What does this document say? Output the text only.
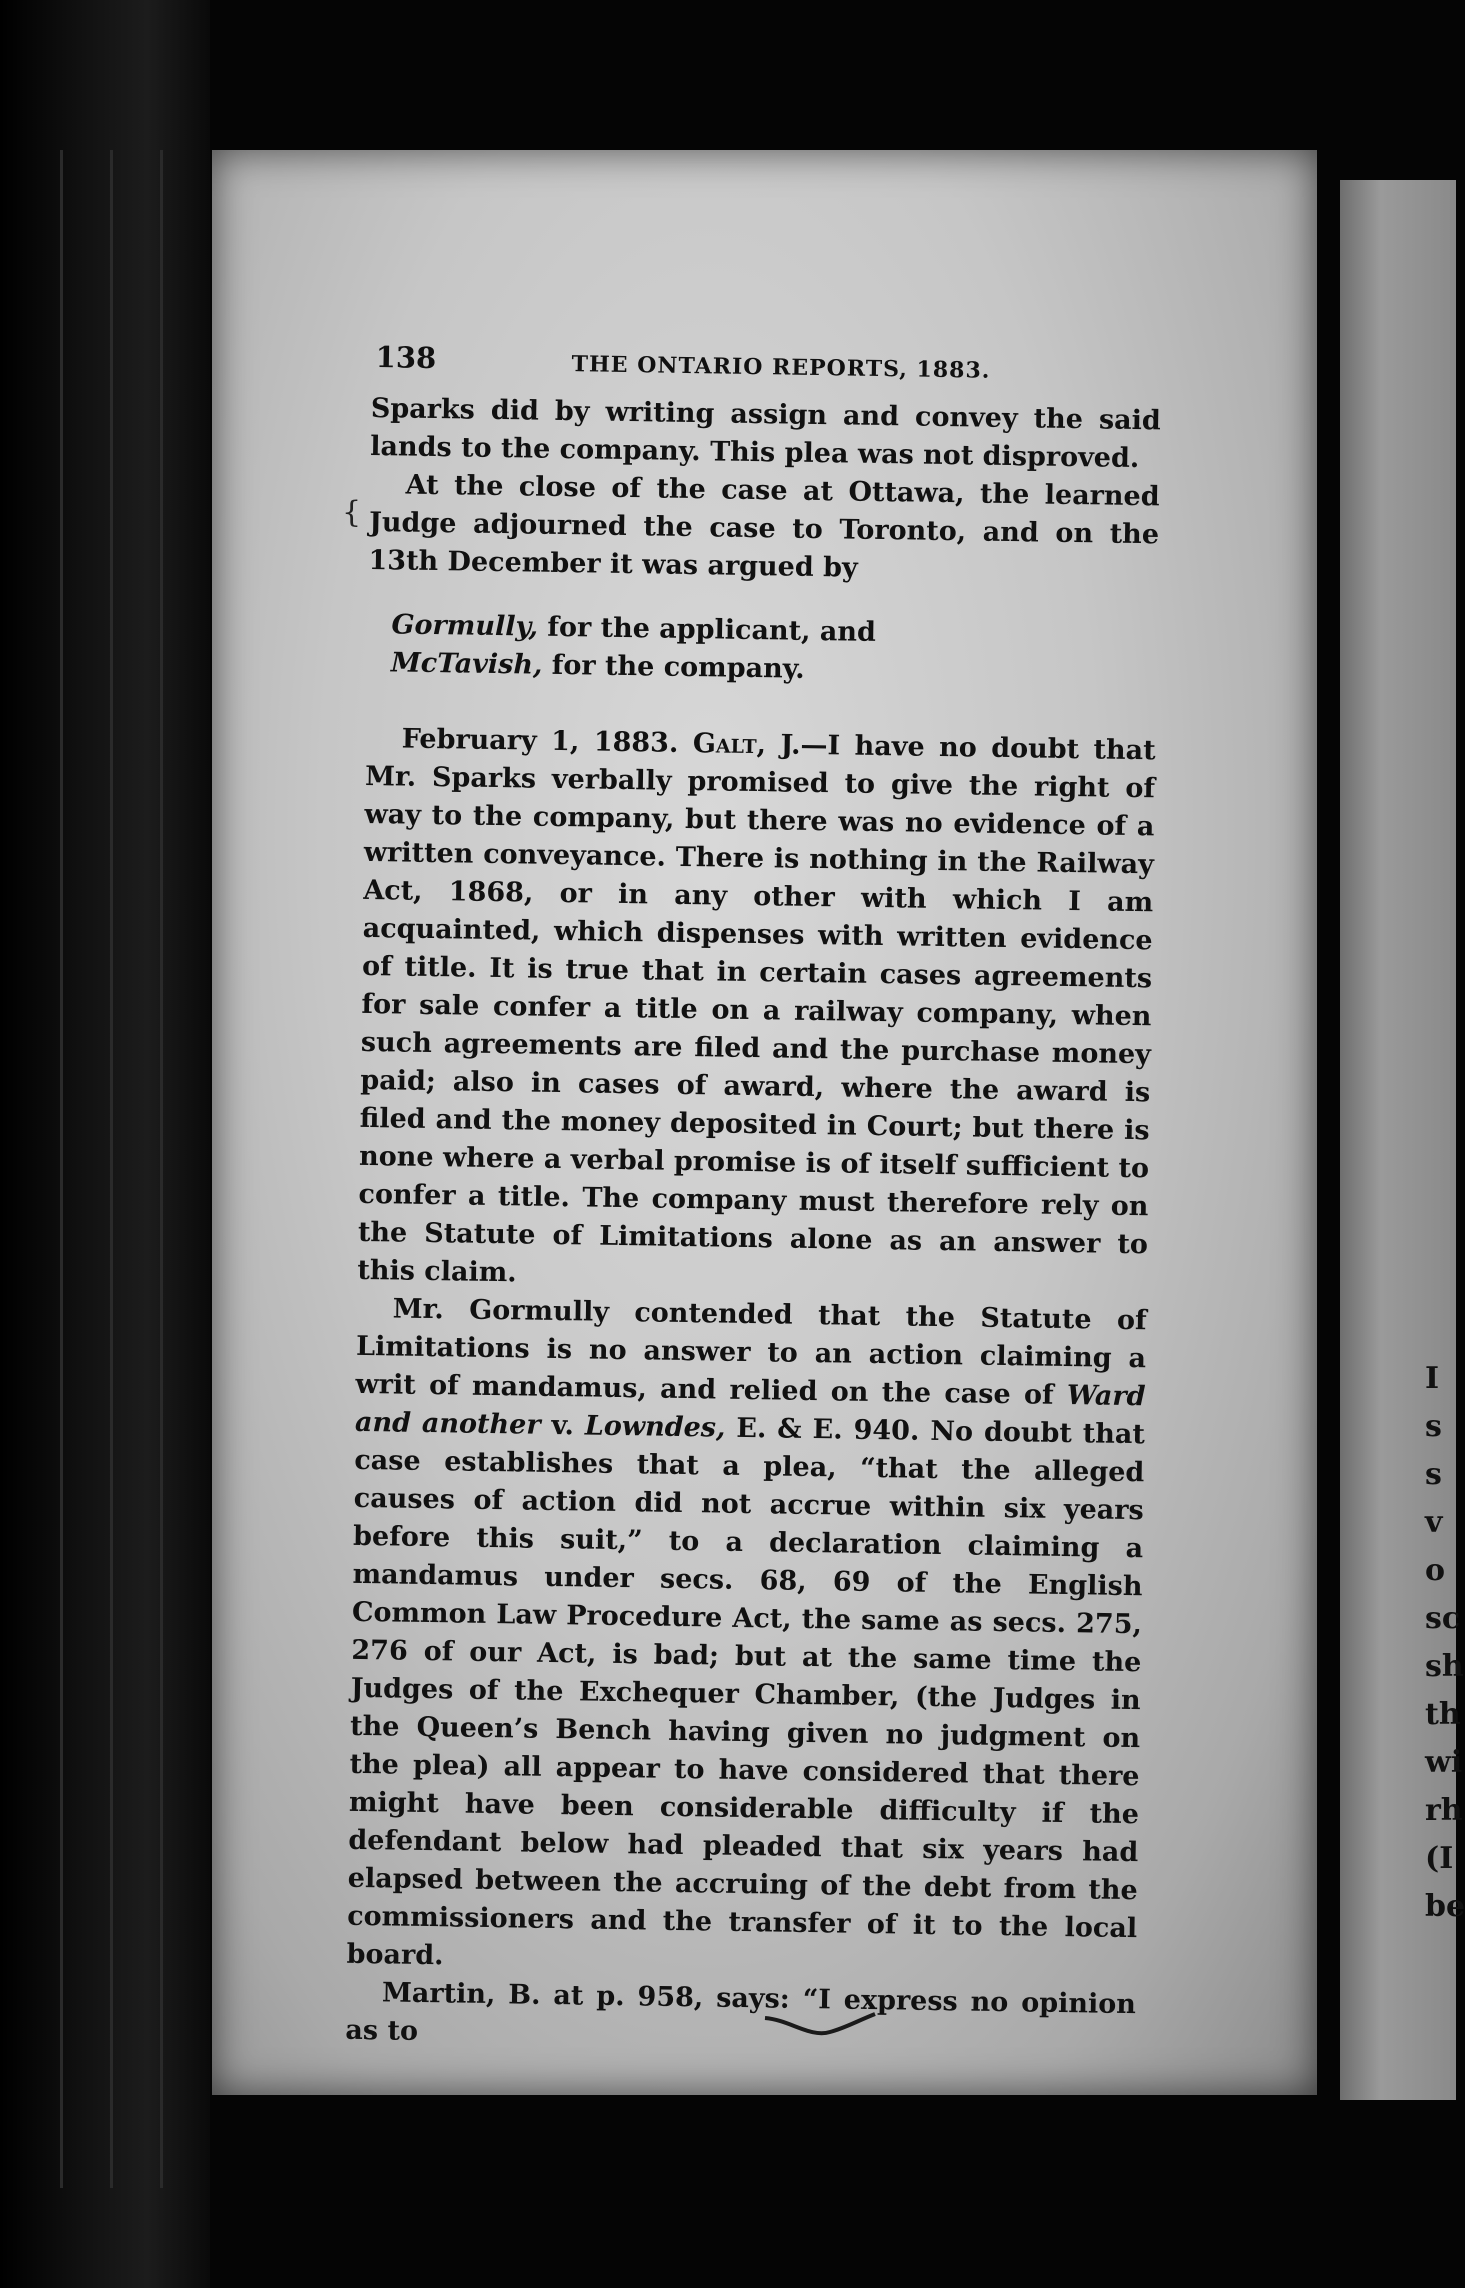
I
s
s
v
o
sc
sh
th
wi
rh
(I
be
{
138	THE ONTARIO REPORTS, 1883.

Sparks did by writing assign and convey the said lands to the company. This plea was not disproved.

At the close of the case at Ottawa, the learned Judge adjourned the case to Toronto, and on the 13th December it was argued by

Gormully, for the applicant, and
McTavish, for the company.

February 1, 1883. Galt, J.—I have no doubt that Mr. Sparks verbally promised to give the right of way to the company, but there was no evidence of a written conveyance. There is nothing in the Railway Act, 1868, or in any other with which I am acquainted, which dispenses with written evidence of title. It is true that in certain cases agreements for sale confer a title on a railway company, when such agreements are filed and the purchase money paid; also in cases of award, where the award is filed and the money deposited in Court; but there is none where a verbal promise is of itself sufficient to confer a title. The company must therefore rely on the Statute of Limitations alone as an answer to this claim.

Mr. Gormully contended that the Statute of Limitations is no answer to an action claiming a writ of mandamus, and relied on the case of Ward and another v. Lowndes, E. & E. 940. No doubt that case establishes that a plea, “that the alleged causes of action did not accrue within six years before this suit,” to a declaration claiming a mandamus under secs. 68, 69 of the English Common Law Procedure Act, the same as secs. 275, 276 of our Act, is bad; but at the same time the Judges of the Exchequer Chamber, (the Judges in the Queen’s Bench having given no judgment on the plea) all appear to have considered that there might have been considerable difficulty if the defendant below had pleaded that six years had elapsed between the accruing of the debt from the commissioners and the transfer of it to the local board.

Martin, B. at p. 958, says: “I express no opinion as to
